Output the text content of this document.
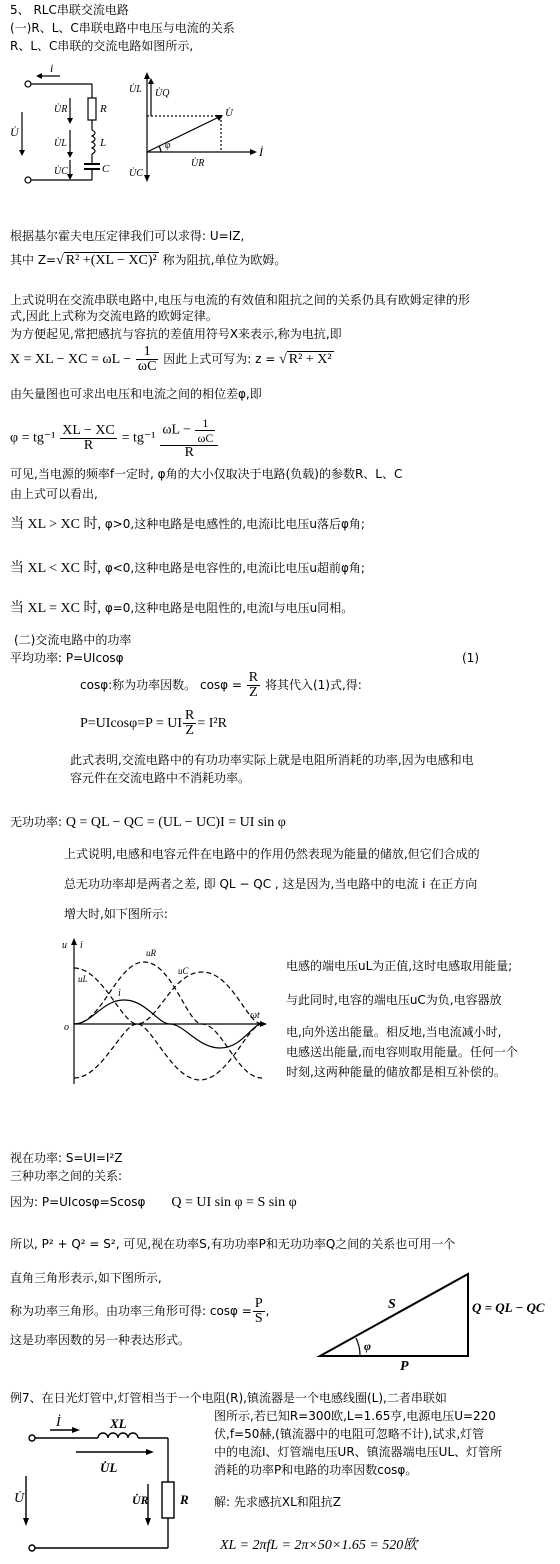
5、 RLC串联交流电路
(一)R、L、C串联电路中电压与电流的关系
R、L、C串联的交流电路如图所示,
i
U̇
U̇R
U̇L
U̇C
R
L
C
U̇L U̇Q
U̇
U̇R
U̇C
İ
φ
根据基尔霍夫电压定律我们可以求得: U=IZ,
其中 Z=√ R² +(XL − XC)² 称为阻抗,单位为欧姆。
上式说明在交流串联电路中,电压与电流的有效值和阻抗之间的关系仍具有欧姆定律的形
式,因此上式称为交流电路的欧姆定律。
为方便起见,常把感抗与容抗的差值用符号X来表示,称为电抗,即
X = XL − XC = $\omega L - \frac{1}{\omega C}$ 因此上式可写为: z = √ R² + X²
由矢量图也可求出电压和电流之间的相位差φ,即
$\varphi = tg^{-1} \frac{XL - XC}{R} = tg^{-1} \frac{\omega L - \frac{1}{\omega C}}{R}$
可见,当电源的频率f一定时, φ角的大小仅取决于电路(负载)的参数R、L、C
由上式可以看出,
当 XL > XC 时, φ>0,这种电路是电感性的,电流i比电压u落后φ角;
当 XL < XC 时, φ<0,这种电路是电容性的,电流i比电压u超前φ角;
当 XL = XC 时, φ=0,这种电路是电阻性的,电流I与电压u同相。
(二)交流电路中的功率
平均功率: P=UIcosφ	(1)
cosφ:称为功率因数。 $\cos\varphi = \frac{R}{Z}$ 将其代入(1)式,得:
P=UIcosφ=P = UI $\frac{R}{Z} = I^2R$
此式表明,交流电路中的有功功率实际上就是电阻所消耗的功率,因为电感和电
容元件在交流电路中不消耗功率。
无功功率: Q = QL − QC = (UL − UC)I = UI sin φ
上式说明,电感和电容元件在电路中的作用仍然表现为能量的储放,但它们合成的
总无功功率却是两者之差, 即 QL − QC , 这是因为,当电路中的电流 i 在正方向
增大时,如下图所示:
u i
uL
uR
uC
i
o
ωt
电感的端电压uL为正值,这时电感取用能量;
与此同时,电容的端电压uC为负,电容器放
电,向外送出能量。相反地,当电流减小时,
电感送出能量,而电容则取用能量。任何一个
时刻,这两种能量的储放都是相互补偿的。
视在功率: S=UI=I²Z
三种功率之间的关系:
因为: P=UIcosφ=Scosφ Q = UI sin φ = S sin φ
所以, P² + Q² = S², 可见,视在功率S,有功功率P和无功功率Q之间的关系也可用一个
直角三角形表示,如下图所示,
称为功率三角形。由功率三角形可得: $\cos\varphi = \frac{P}{S}$ ,
这是功率因数的另一种表达形式。
S
P
φ
Q = QL − QC
例7、在日光灯管中,灯管相当于一个电阻(R),镇流器是一个电感线圈(L),二者串联如
图所示,若已知R=300欧,L=1.65亨,电源电压U=220
伏,f=50赫,(镇流器中的电阻可忽略不计),试求,灯管
中的电流I、灯管端电压UR、镇流器端电压UL、灯管所
消耗的功率P和电路的功率因数cosφ。
İ	XL
U̇L
U̇	U̇R R 解: 先求感抗XL和阻抗Z
XL = 2πfL = 2π×50×1.65 = 520欧
